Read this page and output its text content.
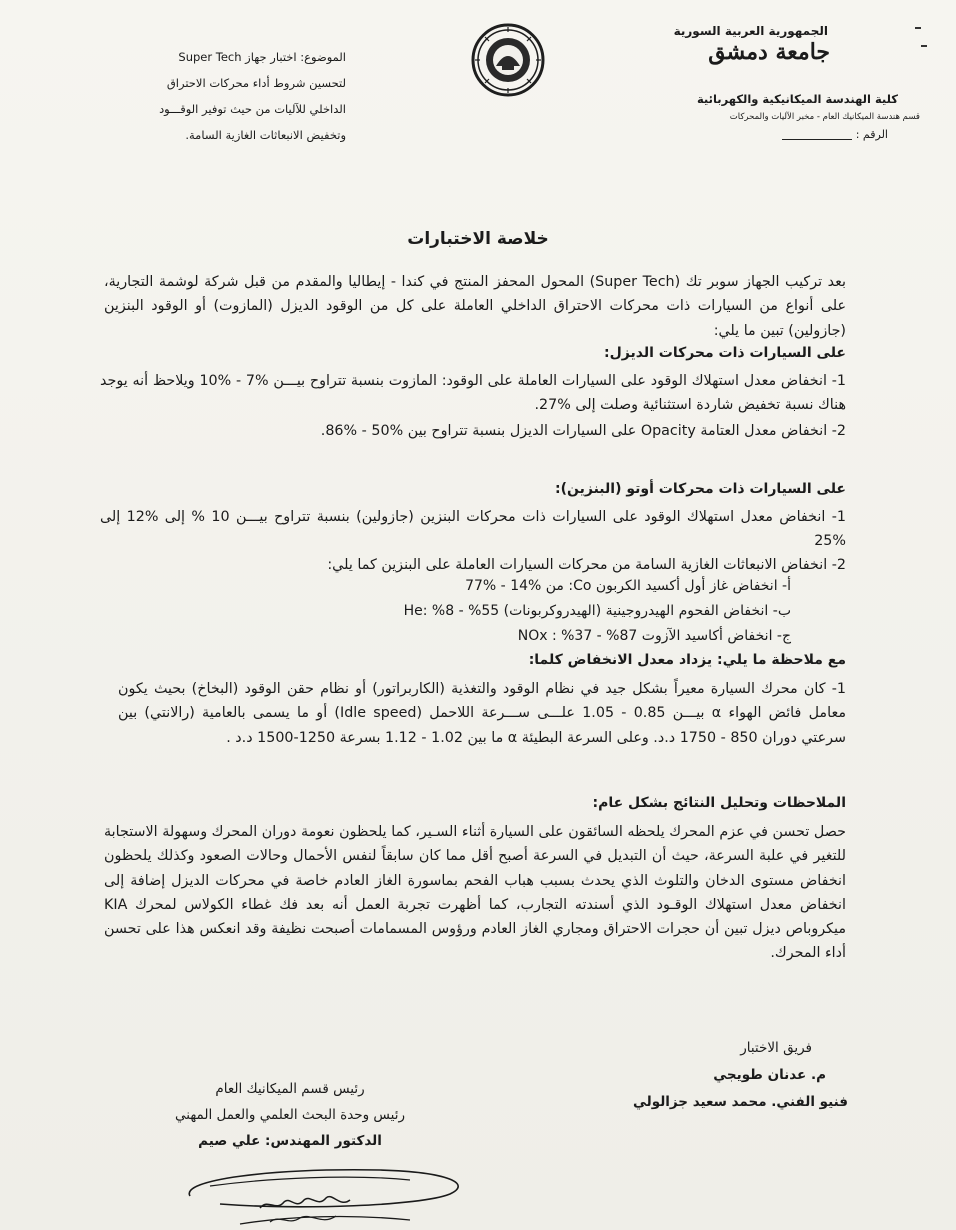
الجمهورية العربية السورية
جامعة دمشق
كلية الهندسة الميكانيكية والكهربائية
قسم هندسة الميكانيك العام - مخبر الآليات والمحركات
الرقم :
الموضوع: اختبار جهاز Super Tech
لتحسين شروط أداء محركات الاحتراق
الداخلي للآليات من حيث توفير الوقـــود
وتخفيض الانبعاثات الغازية السامة.
خلاصة الاختبارات
بعد تركيب الجهاز سوبر تك (Super Tech) المحول المحفز المنتج في كندا - إيطاليا والمقدم من قبل شركة لوشمة التجارية، على أنواع من السيارات ذات محركات الاحتراق الداخلي العاملة على كل من الوقود الديزل (المازوت) أو الوقود البنزين (جازولين) تبين ما يلي:
على السيارات ذات محركات الديزل:
1- انخفاض معدل استهلاك الوقود على السيارات العاملة على الوقود: المازوت بنسبة تتراوح بيـــن %7 - %10 ويلاحظ أنه يوجد هناك نسبة تخفيض شاردة استثنائية وصلت إلى %27.
2- انخفاض معدل العتامة Opacity على السيارات الديزل بنسبة تتراوح بين %50 - %86.
على السيارات ذات محركات أوتو (البنزين):
1- انخفاض معدل استهلاك الوقود على السيارات ذات محركات البنزين (جازولين) بنسبة تتراوح بيـــن 10 % إلى %12 إلى %25
2- انخفاض الانبعاثات الغازية السامة من محركات السيارات العاملة على البنزين كما يلي:
أ- انخفاض غاز أول أكسيد الكربون Co: من %14 - %77
ب- انخفاض الفحوم الهيدروجينية (الهيدروكربونات) He: %8 - %55
ج- انخفاض أكاسيد الآزوت NOx : %37 - %87
مع ملاحظة ما يلي: يزداد معدل الانخفاض كلما:
1- كان محرك السيارة معيراً بشكل جيد في نظام الوقود والتغذية (الكاربراتور) أو نظام حقن الوقود (البخاخ) بحيث يكون معامل فائض الهواء α بيـــن 0.85 - 1.05 علـــى ســـرعة اللاحمل (Idle speed) أو ما يسمى بالعامية (رالانتي) بين سرعتي دوران 850 - 1750 د.د. وعلى السرعة البطيئة α ما بين 1.02 - 1.12 بسرعة 1250-1500 د.د .
الملاحظات وتحليل النتائج بشكل عام:
حصل تحسن في عزم المحرك يلحظه السائقون على السيارة أثناء السـير، كما يلحظون نعومة دوران المحرك وسهولة الاستجابة للتغير في علبة السرعة، حيث أن التبديل في السرعة أصبح أقل مما كان سابقاً لنفس الأحمال وحالات الصعود وكذلك يلحظون انخفاض مستوى الدخان والتلوث الذي يحدث بسبب هباب الفحم بماسورة الغاز العادم خاصة في محركات الديزل إضافة إلى انخفاض معدل استهلاك الوقـود الذي أسندته التجارب، كما أظهرت تجربة العمل أنه بعد فك غطاء الكولاس لمحرك KIA ميكروباص ديزل تبين أن حجرات الاحتراق ومجاري الغاز العادم ورؤوس المسمامات أصبحت نظيفة وقد انعكس هذا على تحسن أداء المحرك.
فريق الاختبار
م. عدنان طويجي
فنيو الفني. محمد سعيد جزالولي
رئيس قسم الميكانيك العام
رئيس وحدة البحث العلمي والعمل المهني
الدكتور المهندس: علي صيم
